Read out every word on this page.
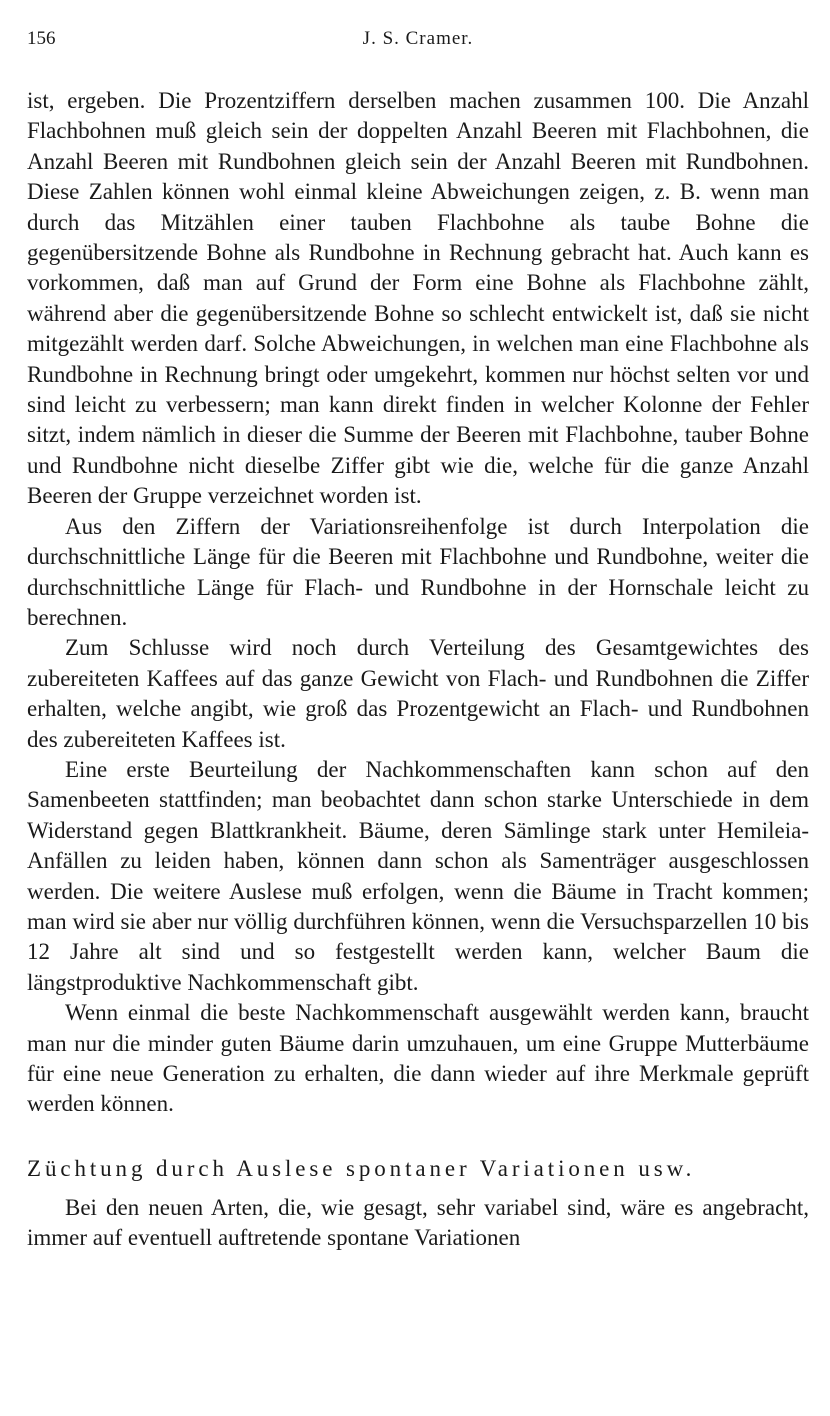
156	J. S. Cramer.

ist, ergeben. Die Prozentziffern derselben machen zusammen 100. Die Anzahl Flachbohnen muß gleich sein der doppelten Anzahl Beeren mit Flachbohnen, die Anzahl Beeren mit Rundbohnen gleich sein der Anzahl Beeren mit Rundbohnen. Diese Zahlen können wohl einmal kleine Abweichungen zeigen, z. B. wenn man durch das Mitzählen einer tauben Flachbohne als taube Bohne die gegenübersitzende Bohne als Rundbohne in Rechnung gebracht hat. Auch kann es vorkommen, daß man auf Grund der Form eine Bohne als Flachbohne zählt, während aber die gegenübersitzende Bohne so schlecht entwickelt ist, daß sie nicht mitgezählt werden darf. Solche Abweichungen, in welchen man eine Flachbohne als Rundbohne in Rechnung bringt oder umgekehrt, kommen nur höchst selten vor und sind leicht zu verbessern; man kann direkt finden in welcher Kolonne der Fehler sitzt, indem nämlich in dieser die Summe der Beeren mit Flachbohne, tauber Bohne und Rundbohne nicht dieselbe Ziffer gibt wie die, welche für die ganze Anzahl Beeren der Gruppe verzeichnet worden ist.

Aus den Ziffern der Variationsreihenfolge ist durch Interpolation die durchschnittliche Länge für die Beeren mit Flachbohne und Rundbohne, weiter die durchschnittliche Länge für Flach- und Rundbohne in der Hornschale leicht zu berechnen.

Zum Schlusse wird noch durch Verteilung des Gesamtgewichtes des zubereiteten Kaffees auf das ganze Gewicht von Flach- und Rundbohnen die Ziffer erhalten, welche angibt, wie groß das Prozentgewicht an Flach- und Rundbohnen des zubereiteten Kaffees ist.

Eine erste Beurteilung der Nachkommenschaften kann schon auf den Samenbeeten stattfinden; man beobachtet dann schon starke Unterschiede in dem Widerstand gegen Blattkrankheit. Bäume, deren Sämlinge stark unter Hemileia-Anfällen zu leiden haben, können dann schon als Samenträger ausgeschlossen werden. Die weitere Auslese muß erfolgen, wenn die Bäume in Tracht kommen; man wird sie aber nur völlig durchführen können, wenn die Versuchsparzellen 10 bis 12 Jahre alt sind und so festgestellt werden kann, welcher Baum die längstproduktive Nachkommenschaft gibt.

Wenn einmal die beste Nachkommenschaft ausgewählt werden kann, braucht man nur die minder guten Bäume darin umzuhauen, um eine Gruppe Mutterbäume für eine neue Generation zu erhalten, die dann wieder auf ihre Merkmale geprüft werden können.

Züchtung durch Auslese spontaner Variationen usw.

Bei den neuen Arten, die, wie gesagt, sehr variabel sind, wäre es angebracht, immer auf eventuell auftretende spontane Variationen
